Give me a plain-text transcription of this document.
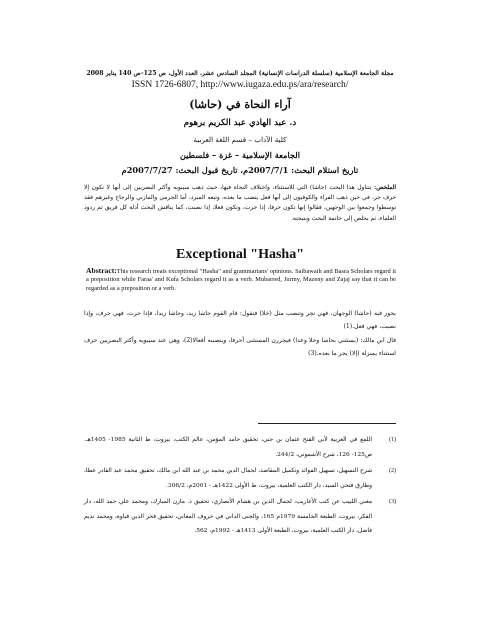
مجلة الجامعة الإسلامية (سلسلة الدراسات الإنسانية) المجلد السادس عشر، العدد الأول، ص 125-ص 140 يناير 2008
ISSN 1726-6807, http://www.iugaza.edu.ps/ara/research/
آراء النحاة في (حاشا)
د. عبد الهادي عبد الكريم برهوم
كلية الآداب – قسم اللغة العربية
الجامعة الإسلامية – غزة – فلسطين
تاريخ استلام البحث: 2007/7/1م، تاريخ قبول البحث: 2007/7/27م
الملخص: يتناول هذا البحث (حاشا) التي للاستثناء، واختلاف النحاة فيها، حيث ذهب سيبويه وأكثر البصريين إلى أنها لا تكون إلا حرف جر، في حين ذهب الفراء والكوفيون إلى أنها فعل يتصب ما بعده، وتبعه المبرد، أما الجرمي والمازني والزجاج وغيرهم فقد توسطوا وجمعوا بين الوجهين، فقالوا إنها تكون حرفا، إذا جرت، وتكون فعلا، إذا نصبت، كما يناقش البحث أدلة كل فريق ثم ردود العلماء، ثم يخلص إلى خاتمة البحث ونتيجته.
Exceptional "Hasha"
Abstract:This research treats exceptional "Hasha" and grammarians' opinions. Saibawaih and Basra Scholars regard it a preposition while Faraa' and Kufa Scholars regard it as a verb. Mubarred, Jurmy, Mazeny and Zajaj say that it can be regarded as a preposition or a verb.

يجوز فيه (حاشا) الوجهان، فهي تجر وتنصب مثل (خلا) فتقول: قام القوم حاشا زيد، وحاشا زيدا، فإذا جرت، فهي حرف، وإذا نصبت، فهي فعل.(1)

قال ابن مالك: (يستثني بحاشا وخلا وعدا) فيجررن المستثنى أحرفا، وينصبنه أفعالا(2)، وهي عند سيبويه وأكثر البصريين حرف استثناء بمنزلة (إلا) يجر ما بعده.(3)

(1)
اللمع في العربية لأبي الفتح عثمان بن جني، تحقيق حامد المؤمن، عالم الكتب، بيروت، ط الثانية 1985- 1405هـ. ص125- 126، شرح الأشموني، 244/2.
(2)
شرح التسهيل، تسهيل الفوائد وتكميل المقاصد، لجمال الدين محمد بن عبد الله ابن مالك، تحقيق محمد عبد القادر عطا، وطارق فتحي السيد، دار الكتب العلمية، بيروت، ط الأولى 1422هـ - 2001م، 306/2.
(3)
مغني اللبيب عن كتب الأعاريب، لجمال الدين بن هشام الأنصاري، تحقيق د. مازن المبارك، ومحمد علي حمد الله، دار الفكر، بيروت، الطبعة الخامسة 1979م 165، والجنى الداني في حروف المعاني، تحقيق فخر الدين قباوة، ومحمد نديم فاضل، دار الكتب العلمية، بيروت، الطبعة الأولى 1413هـ - 1992م، 562.
